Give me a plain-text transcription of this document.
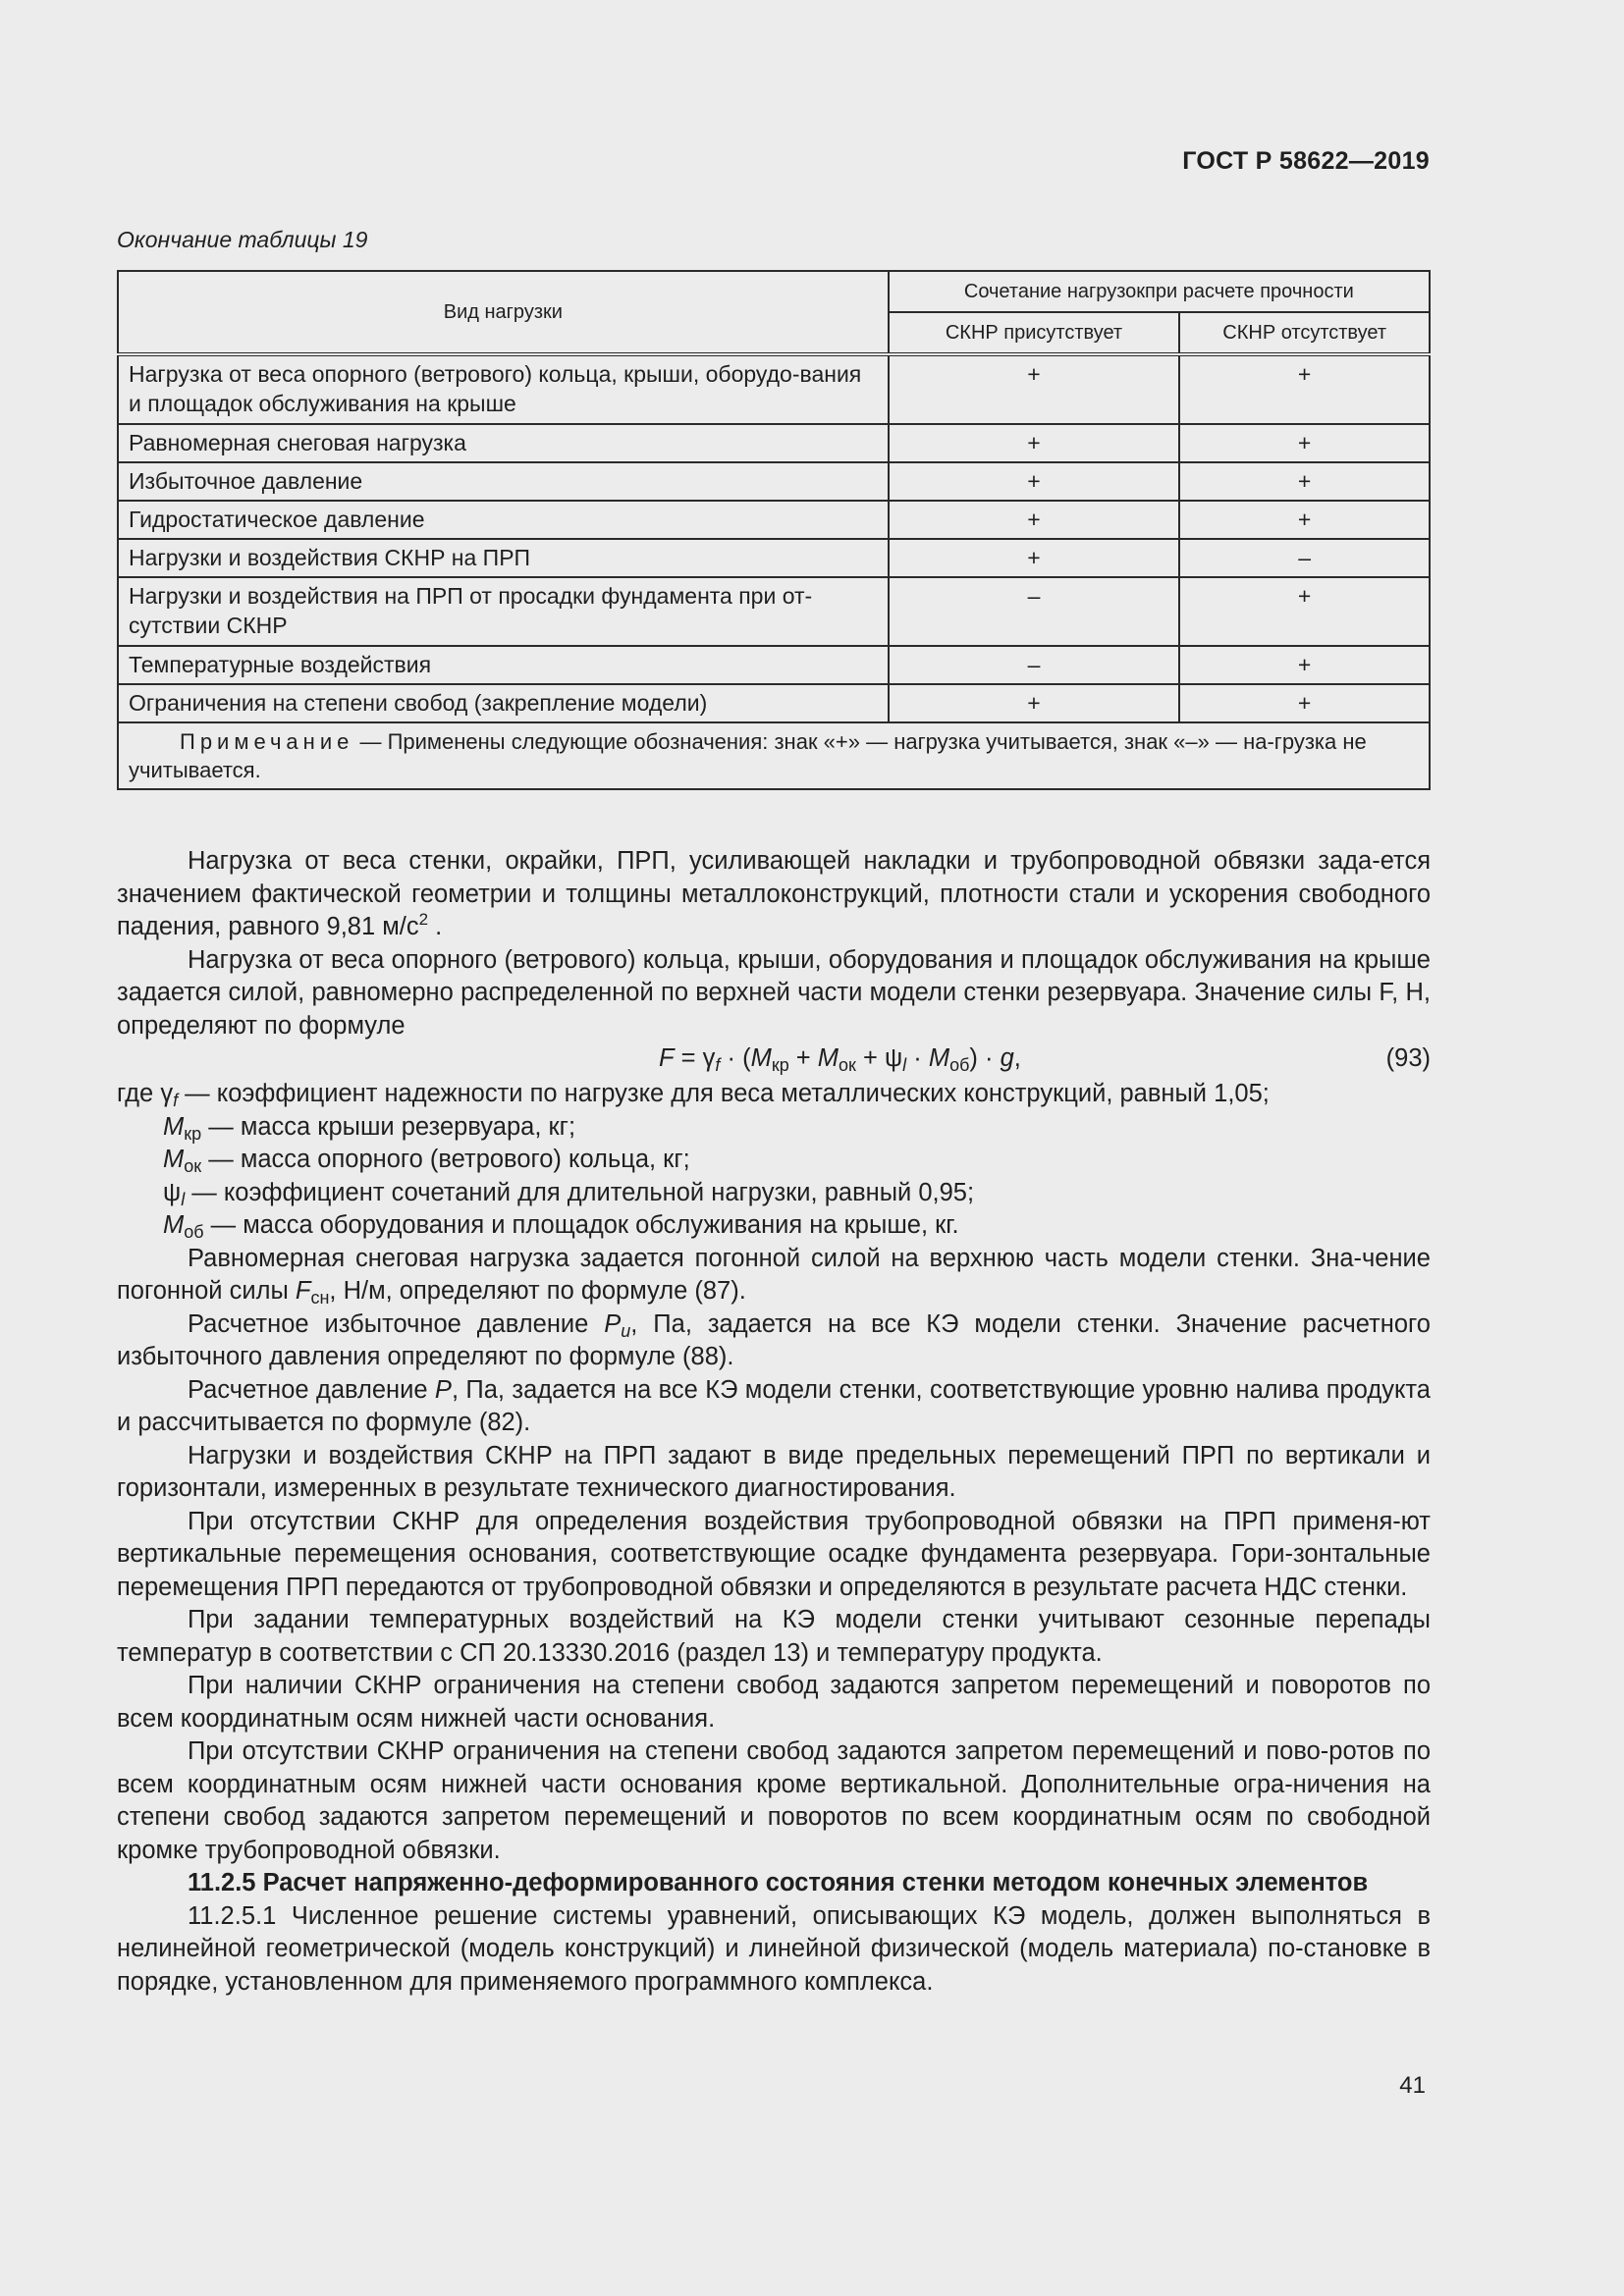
ГОСТ Р 58622—2019
Окончание таблицы 19
Вид нагрузки	Сочетание нагрузокпри расчете прочности	
	СКНР присутствует	СКНР отсутствует
Нагрузка от веса опорного (ветрового) кольца, крыши, оборудо-вания и площадок обслуживания на крыше	+	+
Равномерная снеговая нагрузка	+	+
Избыточное давление	+	+
Гидростатическое давление	+	+
Нагрузки и воздействия СКНР на ПРП	+	–
Нагрузки и воздействия на ПРП от просадки фундамента при от-сутствии СКНР	–	+
Температурные воздействия	–	+
Ограничения на степени свобод (закрепление модели)	+	+
Примечание — Применены следующие обозначения: знак «+» — нагрузка учитывается, знак «–» — на-грузка не учитывается.		

Нагрузка от веса стенки, окрайки, ПРП, усиливающей накладки и трубопроводной обвязки зада-ется значением фактической геометрии и толщины металлоконструкций, плотности стали и ускорения свободного падения, равного 9,81 $м/с^2$ .

Нагрузка от веса опорного (ветрового) кольца, крыши, оборудования и площадок обслуживания на крыше задается силой, равномерно распределенной по верхней части модели стенки резервуара. Значение силы F, Н, определяют по формуле

$F = \gamma_f \cdot (M_{кр} + M_{ок} + \psi_l \cdot M_{об}) \cdot g$,	(93)
где $\gamma_f$ — коэффициент надежности по нагрузке для веса металлических конструкций, равный 1,05;
$M_{кр}$ — масса крыши резервуара, кг;
$M_{ок}$ — масса опорного (ветрового) кольца, кг;
$\psi_l$ — коэффициент сочетаний для длительной нагрузки, равный 0,95;
$M_{об}$ — масса оборудования и площадок обслуживания на крыше, кг.

Равномерная снеговая нагрузка задается погонной силой на верхнюю часть модели стенки. Зна-чение погонной силы $F_{сн}$, Н/м, определяют по формуле (87).

Расчетное избыточное давление $P_u$, Па, задается на все КЭ модели стенки. Значение расчетного избыточного давления определяют по формуле (88).

Расчетное давление P, Па, задается на все КЭ модели стенки, соответствующие уровню налива продукта и рассчитывается по формуле (82).

Нагрузки и воздействия СКНР на ПРП задают в виде предельных перемещений ПРП по вертикали и горизонтали, измеренных в результате технического диагностирования.

При отсутствии СКНР для определения воздействия трубопроводной обвязки на ПРП применя-ют вертикальные перемещения основания, соответствующие осадке фундамента резервуара. Гори-зонтальные перемещения ПРП передаются от трубопроводной обвязки и определяются в результате расчета НДС стенки.

При задании температурных воздействий на КЭ модели стенки учитывают сезонные перепады температур в соответствии с СП 20.13330.2016 (раздел 13) и температуру продукта.

При наличии СКНР ограничения на степени свобод задаются запретом перемещений и поворотов по всем координатным осям нижней части основания.

При отсутствии СКНР ограничения на степени свобод задаются запретом перемещений и пово-ротов по всем координатным осям нижней части основания кроме вертикальной. Дополнительные огра-ничения на степени свобод задаются запретом перемещений и поворотов по всем координатным осям по свободной кромке трубопроводной обвязки.

11.2.5 Расчет напряженно-деформированного состояния стенки методом конечных элементов

11.2.5.1 Численное решение системы уравнений, описывающих КЭ модель, должен выполняться в нелинейной геометрической (модель конструкций) и линейной физической (модель материала) по-становке в порядке, установленном для применяемого программного комплекса.

41
